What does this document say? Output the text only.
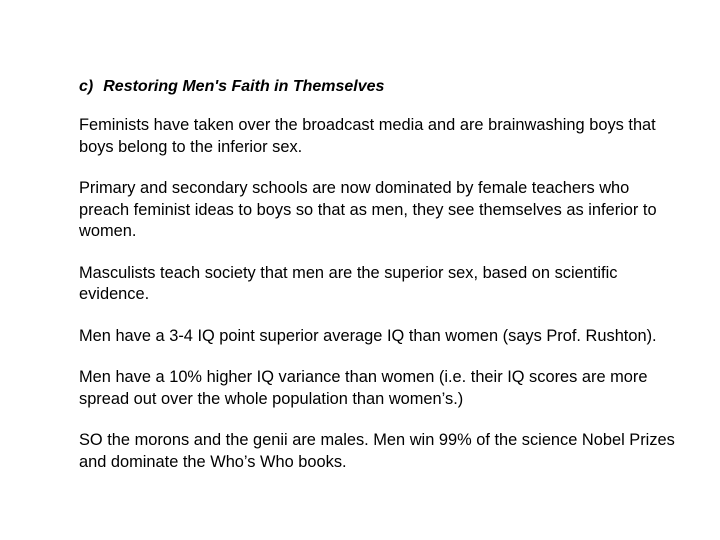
c) Restoring Men's Faith in Themselves

Feminists have taken over the broadcast media and are brainwashing boys that boys belong to the inferior sex.

Primary and secondary schools are now dominated by female teachers who preach feminist ideas to boys so that as men, they see themselves as inferior to women.

Masculists teach society that men are the superior sex, based on scientific evidence.

Men have a 3-4 IQ point superior average IQ than women (says Prof. Rushton).

Men have a 10% higher IQ variance than women (i.e. their IQ scores are more spread out over the whole population than women’s.)

SO the morons and the genii are males. Men win 99% of the science Nobel Prizes and dominate the Who’s Who books.
